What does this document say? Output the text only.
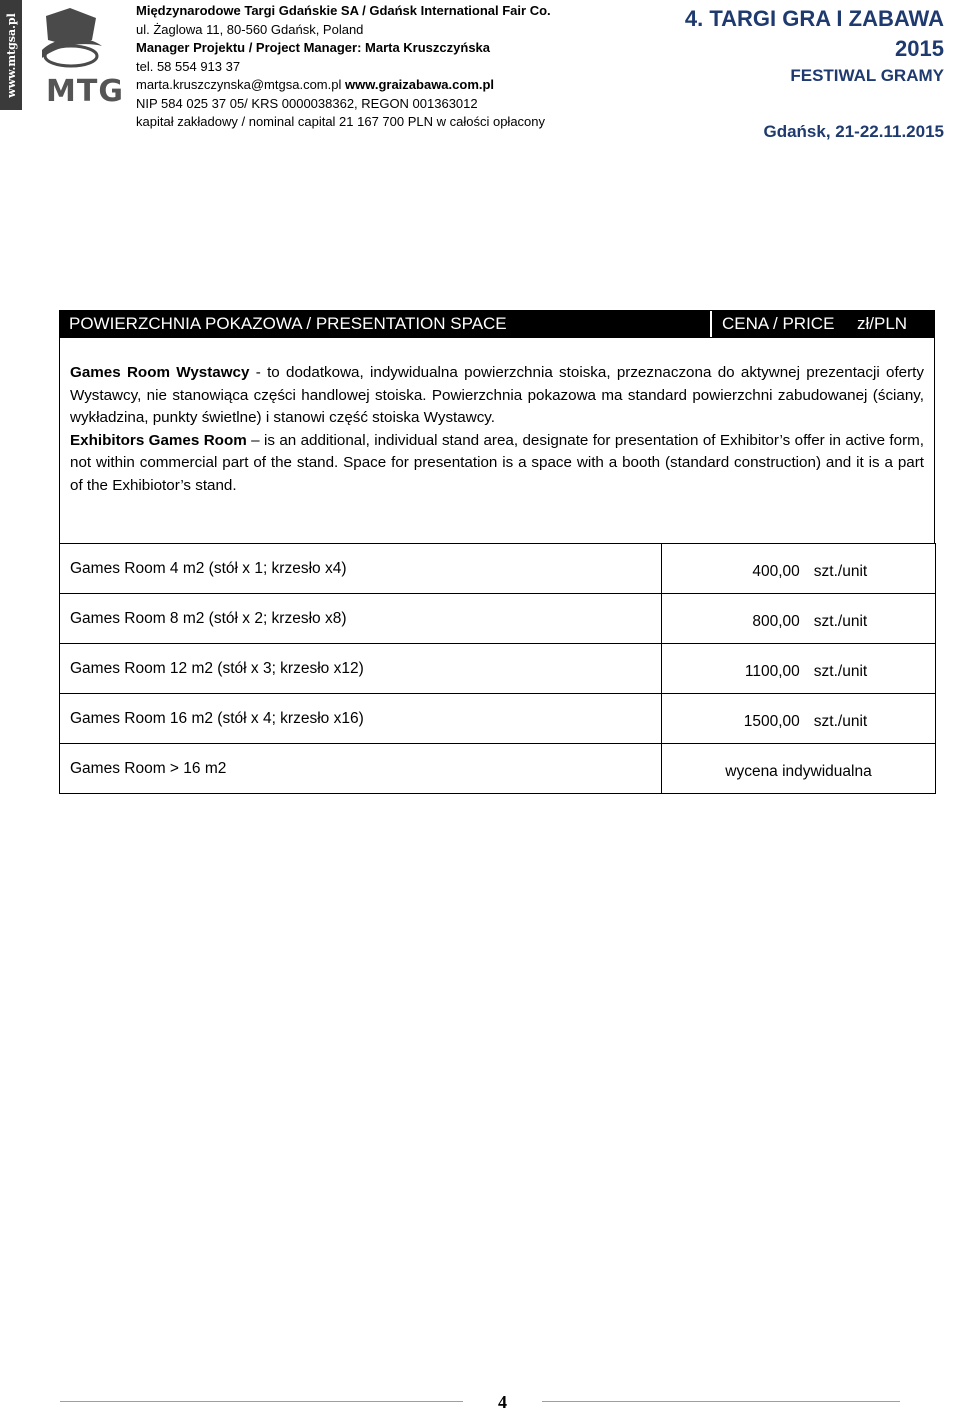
www.mtgsa.pl MTG
Międzynarodowe Targi Gdańskie SA / Gdańsk International Fair Co.
ul. Żaglowa 11, 80-560 Gdańsk, Poland
Manager Projektu / Project Manager: Marta Kruszczyńska
tel. 58 554 913 37
marta.kruszczynska@mtgsa.com.pl www.graizabawa.com.pl
NIP 584 025 37 05/ KRS 0000038362, REGON 001363012
kapitał zakładowy / nominal capital 21 167 700 PLN w całości opłacony
4. TARGI GRA I ZABAWA
2015
FESTIWAL GRAMY
Gdańsk, 21-22.11.2015
POWIERZCHNIA POKAZOWA / PRESENTATION SPACE	CENA / PRICE	zł/PLN

Games Room Wystawcy - to dodatkowa, indywidualna powierzchnia stoiska, przeznaczona do aktywnej prezentacji oferty Wystawcy, nie stanowiąca części handlowej stoiska. Powierzchnia pokazowa ma standard powierzchni zabudowanej (ściany, wykładzina, punkty świetlne) i stanowi część stoiska Wystawcy.

Exhibitors Games Room – is an additional, individual stand area, designate for presentation of Exhibitor’s offer in active form, not within commercial part of the stand. Space for presentation is a space with a booth (standard construction) and it is a part of the Exhibiotor’s stand.

Games Room 4 m2 (stół x 1; krzesło x4)	400,00 szt./unit
Games Room 8 m2 (stół x 2; krzesło x8)	800,00 szt./unit
Games Room 12 m2 (stół x 3; krzesło x12)	1100,00 szt./unit
Games Room 16 m2 (stół x 4; krzesło x16)	1500,00 szt./unit
Games Room > 16 m2	wycena indywidualna
4
